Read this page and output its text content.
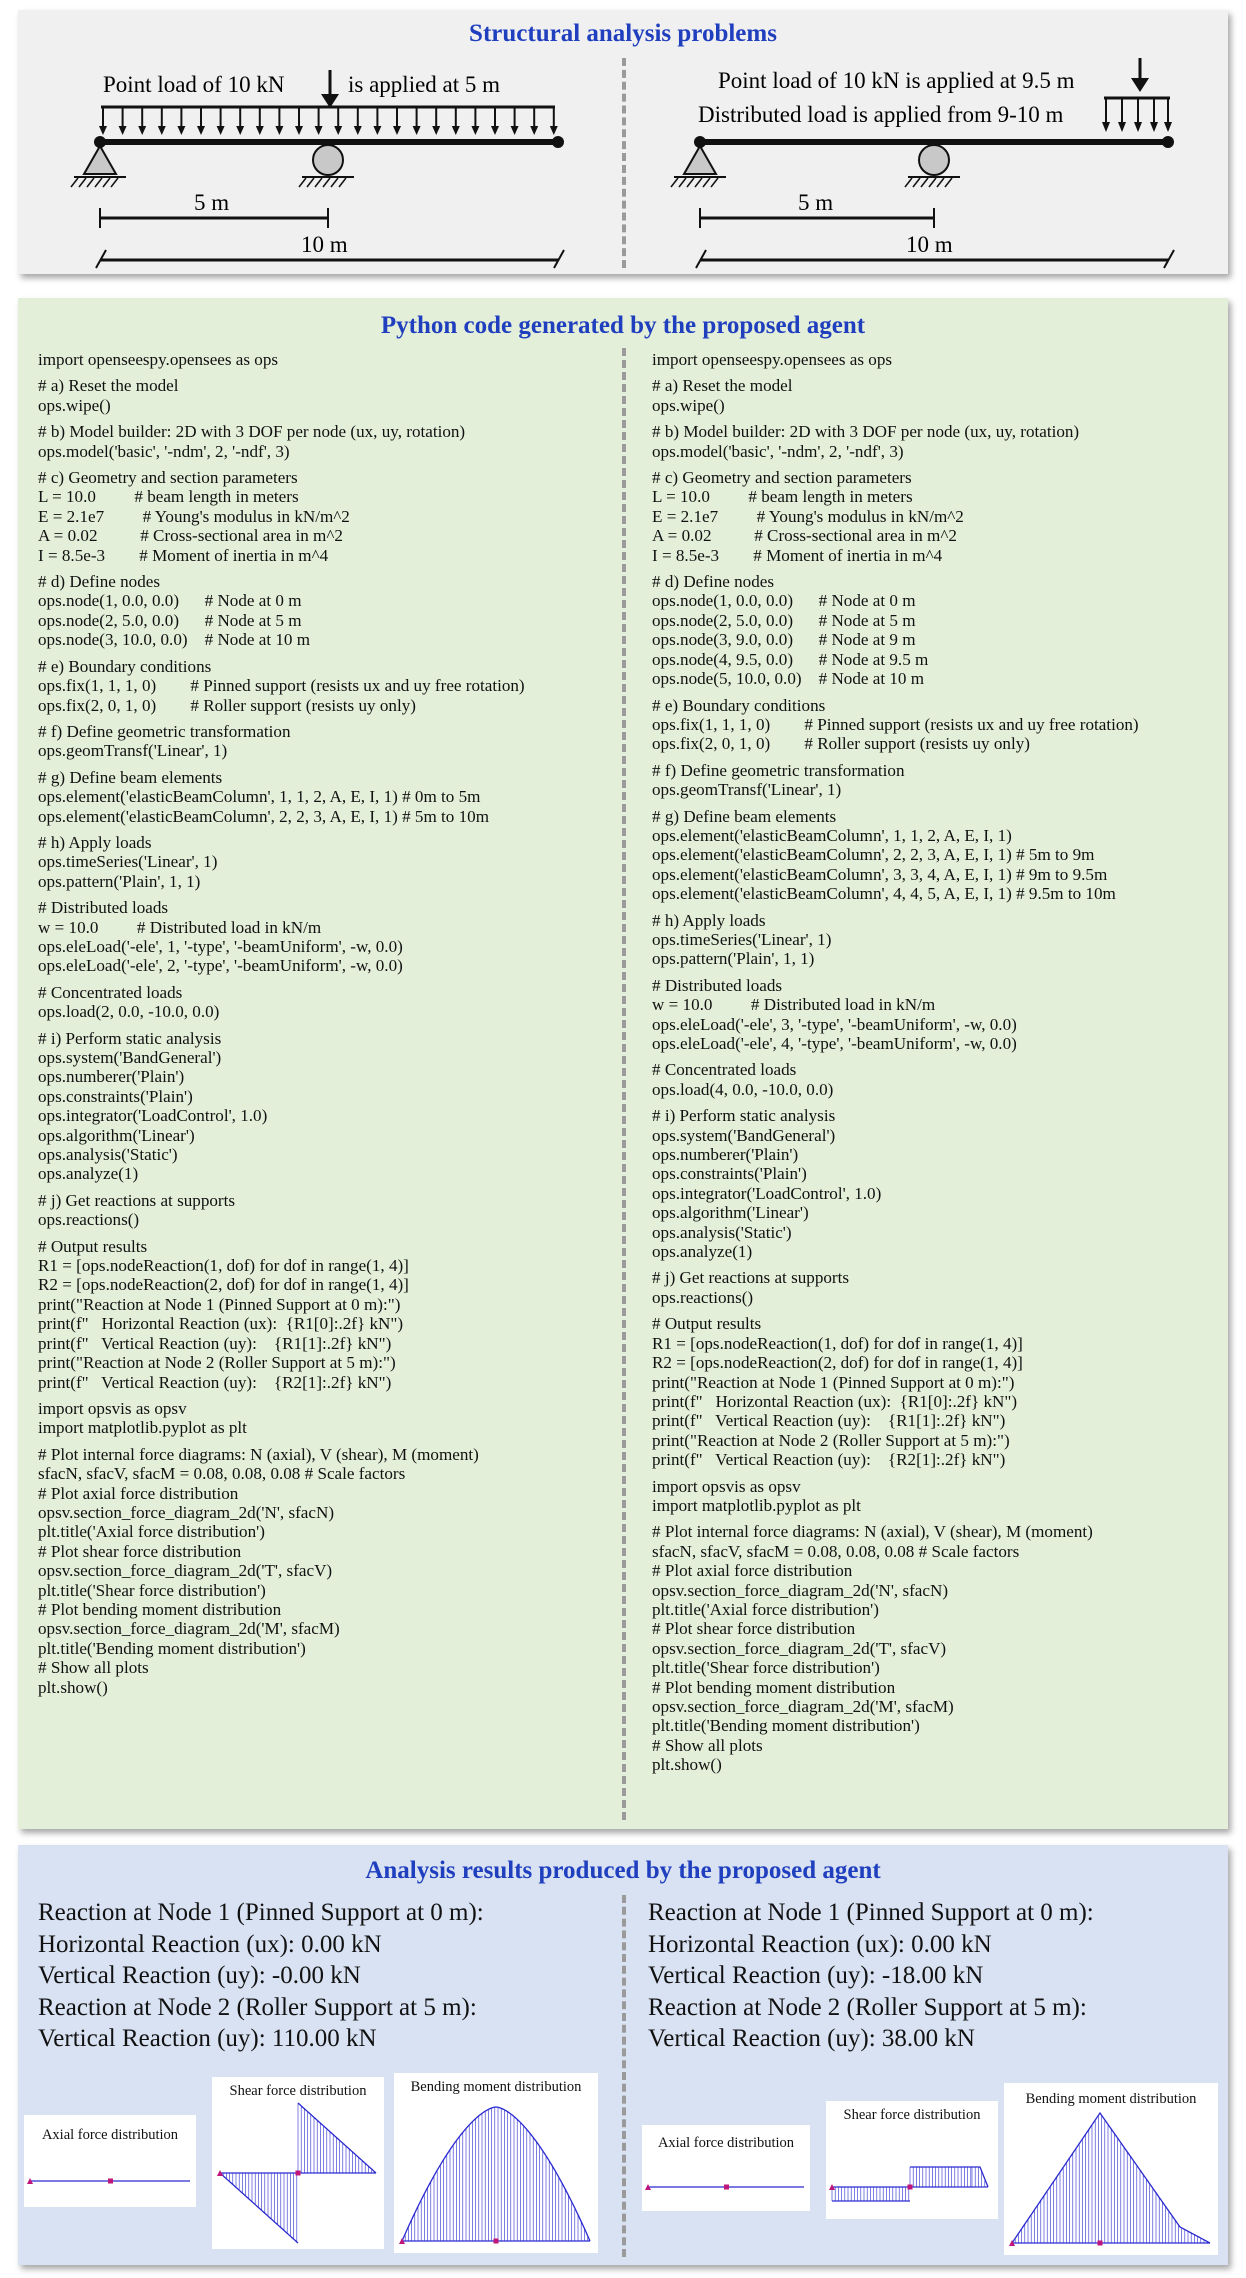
Structural analysis problems
Point load of 10 kN	is applied at 5 m
5 m
10 m
Point load of 10 kN is applied at 9.5 m
Distributed load is applied from 9-10 m
5 m
10 m
Python code generated by the proposed agent
import openseespy.opensees as ops
# a) Reset the model
ops.wipe()
# b) Model builder: 2D with 3 DOF per node (ux, uy, rotation)
ops.model('basic', '-ndm', 2, '-ndf', 3)
# c) Geometry and section parameters
L = 10.0         # beam length in meters
E = 2.1e7         # Young's modulus in kN/m^2
A = 0.02          # Cross-sectional area in m^2
I = 8.5e-3        # Moment of inertia in m^4
# d) Define nodes
ops.node(1, 0.0, 0.0)      # Node at 0 m
ops.node(2, 5.0, 0.0)      # Node at 5 m
ops.node(3, 10.0, 0.0)    # Node at 10 m
# e) Boundary conditions
ops.fix(1, 1, 1, 0)        # Pinned support (resists ux and uy free rotation)
ops.fix(2, 0, 1, 0)        # Roller support (resists uy only)
# f) Define geometric transformation
ops.geomTransf('Linear', 1)
# g) Define beam elements
ops.element('elasticBeamColumn', 1, 1, 2, A, E, I, 1) # 0m to 5m
ops.element('elasticBeamColumn', 2, 2, 3, A, E, I, 1) # 5m to 10m
# h) Apply loads
ops.timeSeries('Linear', 1)
ops.pattern('Plain', 1, 1)
# Distributed loads
w = 10.0         # Distributed load in kN/m
ops.eleLoad('-ele', 1, '-type', '-beamUniform', -w, 0.0)
ops.eleLoad('-ele', 2, '-type', '-beamUniform', -w, 0.0)
# Concentrated loads
ops.load(2, 0.0, -10.0, 0.0)
# i) Perform static analysis
ops.system('BandGeneral')
ops.numberer('Plain')
ops.constraints('Plain')
ops.integrator('LoadControl', 1.0)
ops.algorithm('Linear')
ops.analysis('Static')
ops.analyze(1)
# j) Get reactions at supports
ops.reactions()
# Output results
R1 = [ops.nodeReaction(1, dof) for dof in range(1, 4)]
R2 = [ops.nodeReaction(2, dof) for dof in range(1, 4)]
print("Reaction at Node 1 (Pinned Support at 0 m):")
print(f"   Horizontal Reaction (ux):  {R1[0]:.2f} kN")
print(f"   Vertical Reaction (uy):    {R1[1]:.2f} kN")
print("Reaction at Node 2 (Roller Support at 5 m):")
print(f"   Vertical Reaction (uy):    {R2[1]:.2f} kN")
import opsvis as opsv
import matplotlib.pyplot as plt
# Plot internal force diagrams: N (axial), V (shear), M (moment)
sfacN, sfacV, sfacM = 0.08, 0.08, 0.08 # Scale factors
# Plot axial force distribution
opsv.section_force_diagram_2d('N', sfacN)
plt.title('Axial force distribution')
# Plot shear force distribution
opsv.section_force_diagram_2d('T', sfacV)
plt.title('Shear force distribution')
# Plot bending moment distribution
opsv.section_force_diagram_2d('M', sfacM)
plt.title('Bending moment distribution')
# Show all plots
plt.show()
import openseespy.opensees as ops
# a) Reset the model
ops.wipe()
# b) Model builder: 2D with 3 DOF per node (ux, uy, rotation)
ops.model('basic', '-ndm', 2, '-ndf', 3)
# c) Geometry and section parameters
L = 10.0         # beam length in meters
E = 2.1e7         # Young's modulus in kN/m^2
A = 0.02          # Cross-sectional area in m^2
I = 8.5e-3        # Moment of inertia in m^4
# d) Define nodes
ops.node(1, 0.0, 0.0)      # Node at 0 m
ops.node(2, 5.0, 0.0)      # Node at 5 m
ops.node(3, 9.0, 0.0)      # Node at 9 m
ops.node(4, 9.5, 0.0)      # Node at 9.5 m
ops.node(5, 10.0, 0.0)    # Node at 10 m
# e) Boundary conditions
ops.fix(1, 1, 1, 0)        # Pinned support (resists ux and uy free rotation)
ops.fix(2, 0, 1, 0)        # Roller support (resists uy only)
# f) Define geometric transformation
ops.geomTransf('Linear', 1)
# g) Define beam elements
ops.element('elasticBeamColumn', 1, 1, 2, A, E, I, 1)
ops.element('elasticBeamColumn', 2, 2, 3, A, E, I, 1) # 5m to 9m
ops.element('elasticBeamColumn', 3, 3, 4, A, E, I, 1) # 9m to 9.5m
ops.element('elasticBeamColumn', 4, 4, 5, A, E, I, 1) # 9.5m to 10m
# h) Apply loads
ops.timeSeries('Linear', 1)
ops.pattern('Plain', 1, 1)
# Distributed loads
w = 10.0         # Distributed load in kN/m
ops.eleLoad('-ele', 3, '-type', '-beamUniform', -w, 0.0)
ops.eleLoad('-ele', 4, '-type', '-beamUniform', -w, 0.0)
# Concentrated loads
ops.load(4, 0.0, -10.0, 0.0)
# i) Perform static analysis
ops.system('BandGeneral')
ops.numberer('Plain')
ops.constraints('Plain')
ops.integrator('LoadControl', 1.0)
ops.algorithm('Linear')
ops.analysis('Static')
ops.analyze(1)
# j) Get reactions at supports
ops.reactions()
# Output results
R1 = [ops.nodeReaction(1, dof) for dof in range(1, 4)]
R2 = [ops.nodeReaction(2, dof) for dof in range(1, 4)]
print("Reaction at Node 1 (Pinned Support at 0 m):")
print(f"   Horizontal Reaction (ux):  {R1[0]:.2f} kN")
print(f"   Vertical Reaction (uy):    {R1[1]:.2f} kN")
print("Reaction at Node 2 (Roller Support at 5 m):")
print(f"   Vertical Reaction (uy):    {R2[1]:.2f} kN")
import opsvis as opsv
import matplotlib.pyplot as plt
# Plot internal force diagrams: N (axial), V (shear), M (moment)
sfacN, sfacV, sfacM = 0.08, 0.08, 0.08 # Scale factors
# Plot axial force distribution
opsv.section_force_diagram_2d('N', sfacN)
plt.title('Axial force distribution')
# Plot shear force distribution
opsv.section_force_diagram_2d('T', sfacV)
plt.title('Shear force distribution')
# Plot bending moment distribution
opsv.section_force_diagram_2d('M', sfacM)
plt.title('Bending moment distribution')
# Show all plots
plt.show()
Analysis results produced by the proposed agent
Reaction at Node 1 (Pinned Support at 0 m):
Horizontal Reaction (ux): 0.00 kN
Vertical Reaction (uy): -0.00 kN
Reaction at Node 2 (Roller Support at 5 m):
Vertical Reaction (uy): 110.00 kN
Reaction at Node 1 (Pinned Support at 0 m):
Horizontal Reaction (ux): 0.00 kN
Vertical Reaction (uy): -18.00 kN
Reaction at Node 2 (Roller Support at 5 m):
Vertical Reaction (uy): 38.00 kN
Axial force distribution
Shear force distribution	Bending moment distribution
Axial force distribution
Shear force distribution
Bending moment distribution
